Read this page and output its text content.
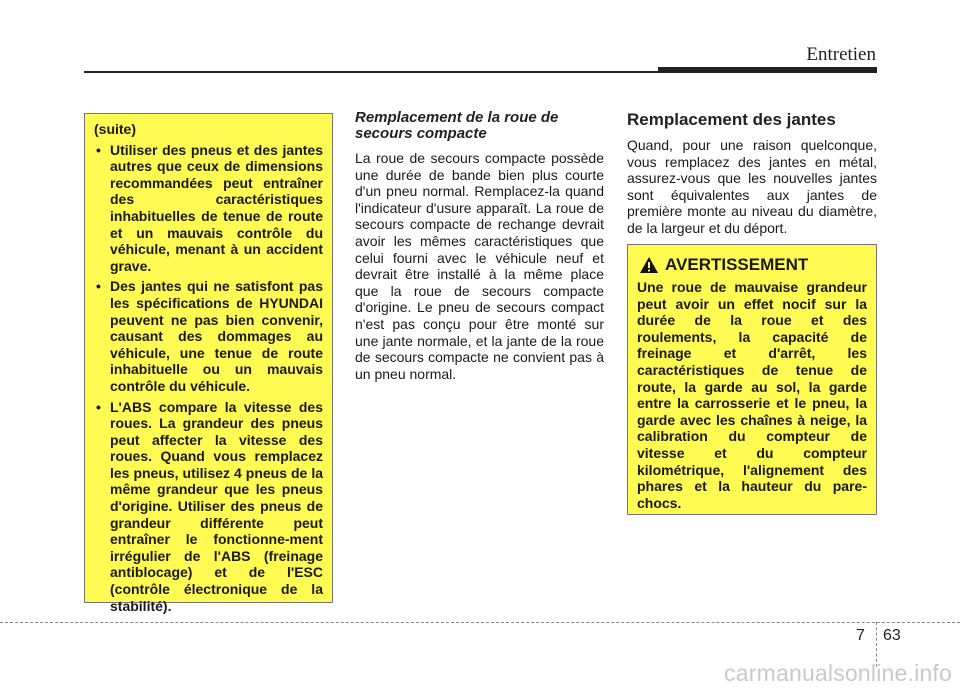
Entretien
(suite)
• Utiliser des pneus et des jantes autres que ceux de dimensions recommandées peut entraîner des caractéristiques inhabituelles de tenue de route et un mauvais contrôle du véhicule, menant à un accident grave.
• Des jantes qui ne satisfont pas les spécifications de HYUNDAI peuvent ne pas bien convenir, causant des dommages au véhicule, une tenue de route inhabituelle ou un mauvais contrôle du véhicule.
• L'ABS compare la vitesse des roues. La grandeur des pneus peut affecter la vitesse des roues. Quand vous remplacez les pneus, utilisez 4 pneus de la même grandeur que les pneus d'origine. Utiliser des pneus de grandeur différente peut entraîner le fonctionne-ment irrégulier de l'ABS (freinage antiblocage) et de l'ESC (contrôle électronique de la stabilité).
Remplacement de la roue de secours compacte

La roue de secours compacte possède une durée de bande bien plus courte d'un pneu normal. Remplacez-la quand l'indicateur d'usure apparaît. La roue de secours compacte de rechange devrait avoir les mêmes caractéristiques que celui fourni avec le véhicule neuf et devrait être installé à la même place que la roue de secours compacte d'origine. Le pneu de secours compact n'est pas conçu pour être monté sur une jante normale, et la jante de la roue de secours compacte ne convient pas à un pneu normal.

Remplacement des jantes

Quand, pour une raison quelconque, vous remplacez des jantes en métal, assurez-vous que les nouvelles jantes sont équivalentes aux jantes de première monte au niveau du diamètre, de la largeur et du déport.

AVERTISSEMENT

Une roue de mauvaise grandeur peut avoir un effet nocif sur la durée de la roue et des roulements, la capacité de freinage et d'arrêt, les caractéristiques de tenue de route, la garde au sol, la garde entre la carrosserie et le pneu, la garde avec les chaînes à neige, la calibration du compteur de vitesse et du compteur kilométrique, l'alignement des phares et la hauteur du pare-chocs.

7 63
carmanualsonline.info
